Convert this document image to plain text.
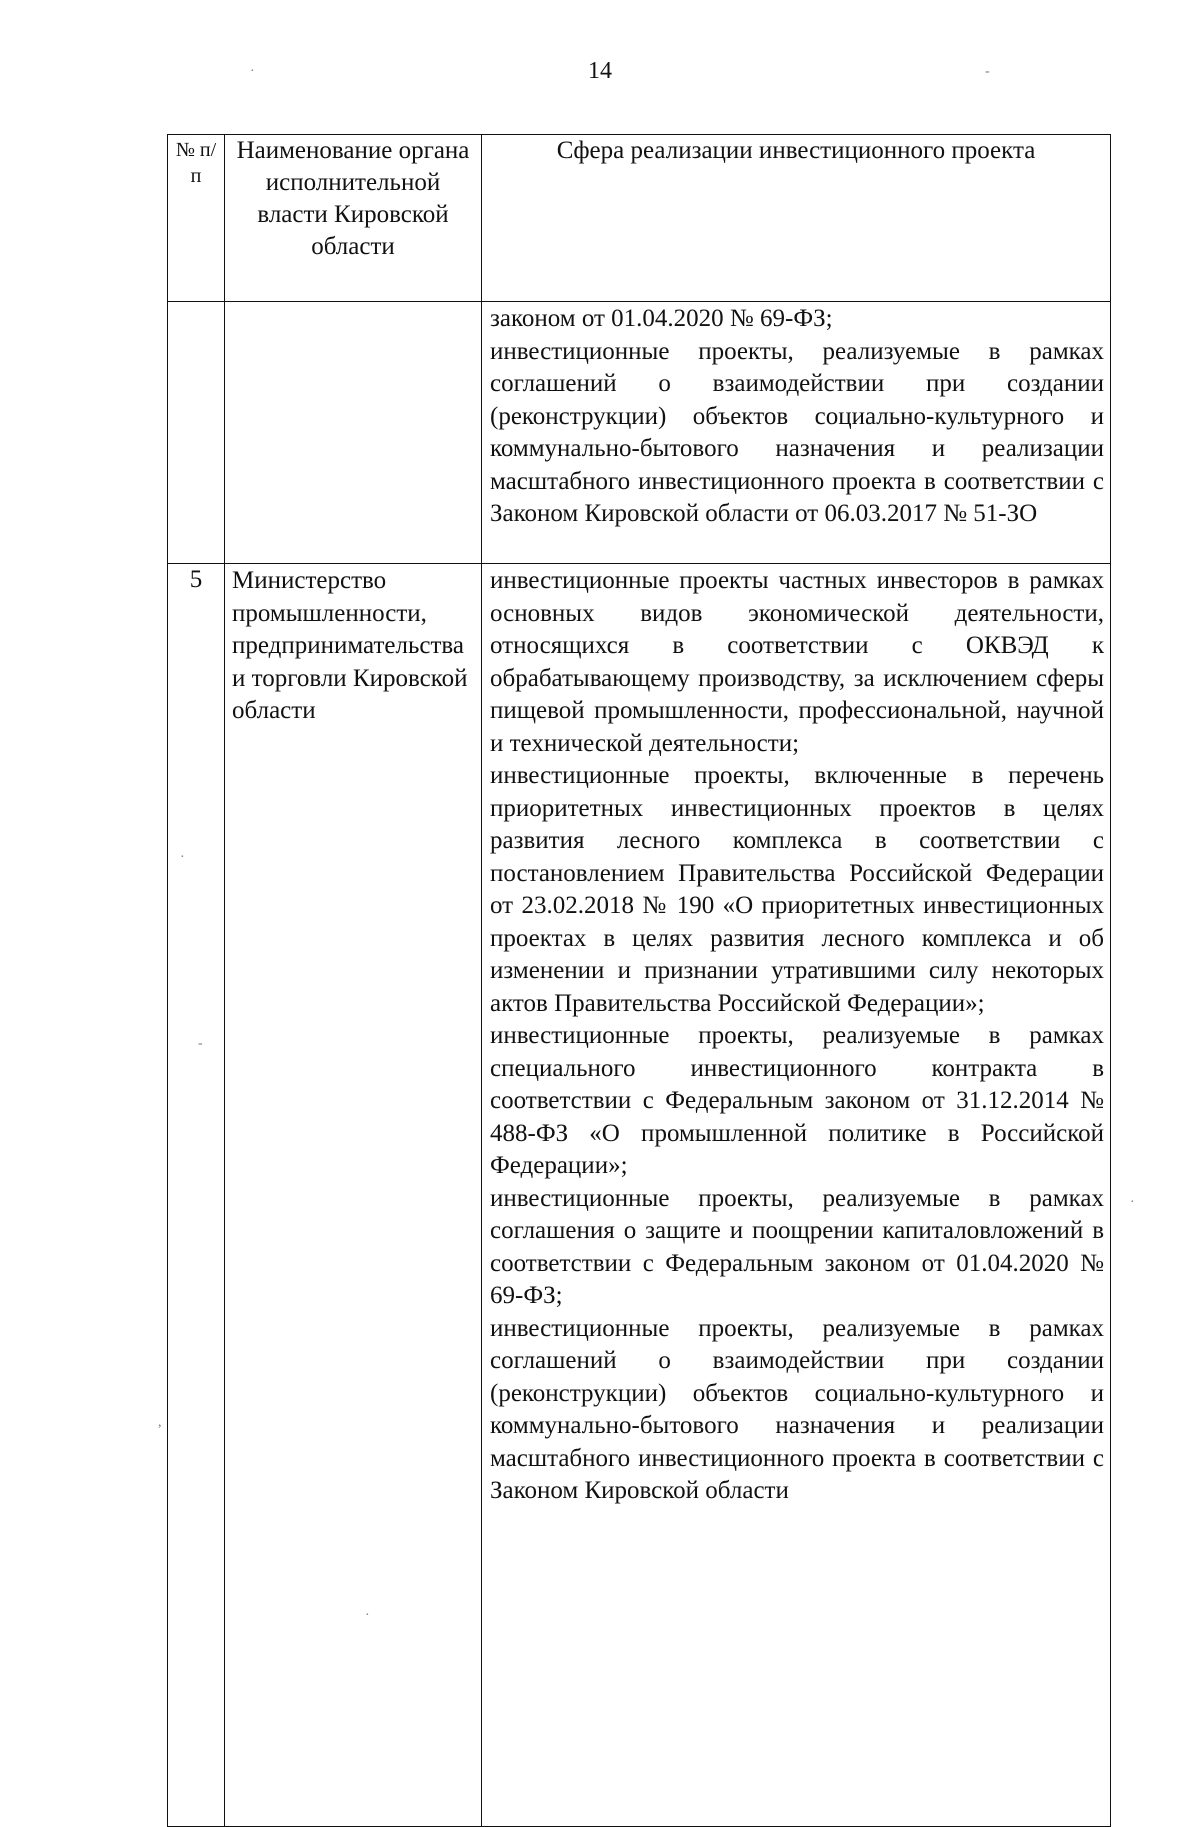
14
№ п/п	Наименование органа исполнительной власти Кировской области	Сфера реализации инвестиционного проекта

		законом от 01.04.2020 № 69-ФЗ;

инвестиционные проекты, реализуемые в рамках соглашений о взаимодействии при создании (реконструкции) объектов социально-культурного и коммунально-бытового назначения и реализации масштабного инвестиционного проекта в соответствии с Законом Кировской области от 06.03.2017 № 51-ЗО

5	Министерство промышленности, предпринимательства и торговли Кировской области	инвестиционные проекты частных инвесторов в рамках основных видов экономической деятельности, относящихся в соответствии с ОКВЭД к обрабатывающему производству, за исключением сферы пищевой промышленности, профессиональной, научной и технической деятельности;

инвестиционные проекты, включенные в перечень приоритетных инвестиционных проектов в целях развития лесного комплекса в соответствии с постановлением Правительства Российской Федерации от 23.02.2018 № 190 «О приоритетных инвестиционных проектах в целях развития лесного комплекса и об изменении и признании утратившими силу некоторых актов Правительства Российской Федерации»;

инвестиционные проекты, реализуемые в рамках специального инвестиционного контракта в соответствии с Федеральным законом от 31.12.2014 № 488-ФЗ «О промышленной политике в Российской Федерации»;

инвестиционные проекты, реализуемые в рамках соглашения о защите и поощрении капиталовложений в соответствии с Федеральным законом от 01.04.2020 № 69-ФЗ;

инвестиционные проекты, реализуемые в рамках соглашений о взаимодействии при создании (реконструкции) объектов социально-культурного и коммунально-бытового назначения и реализации масштабного инвестиционного проекта в соответствии с Законом Кировской области

·	-
·
-
·
,
·
